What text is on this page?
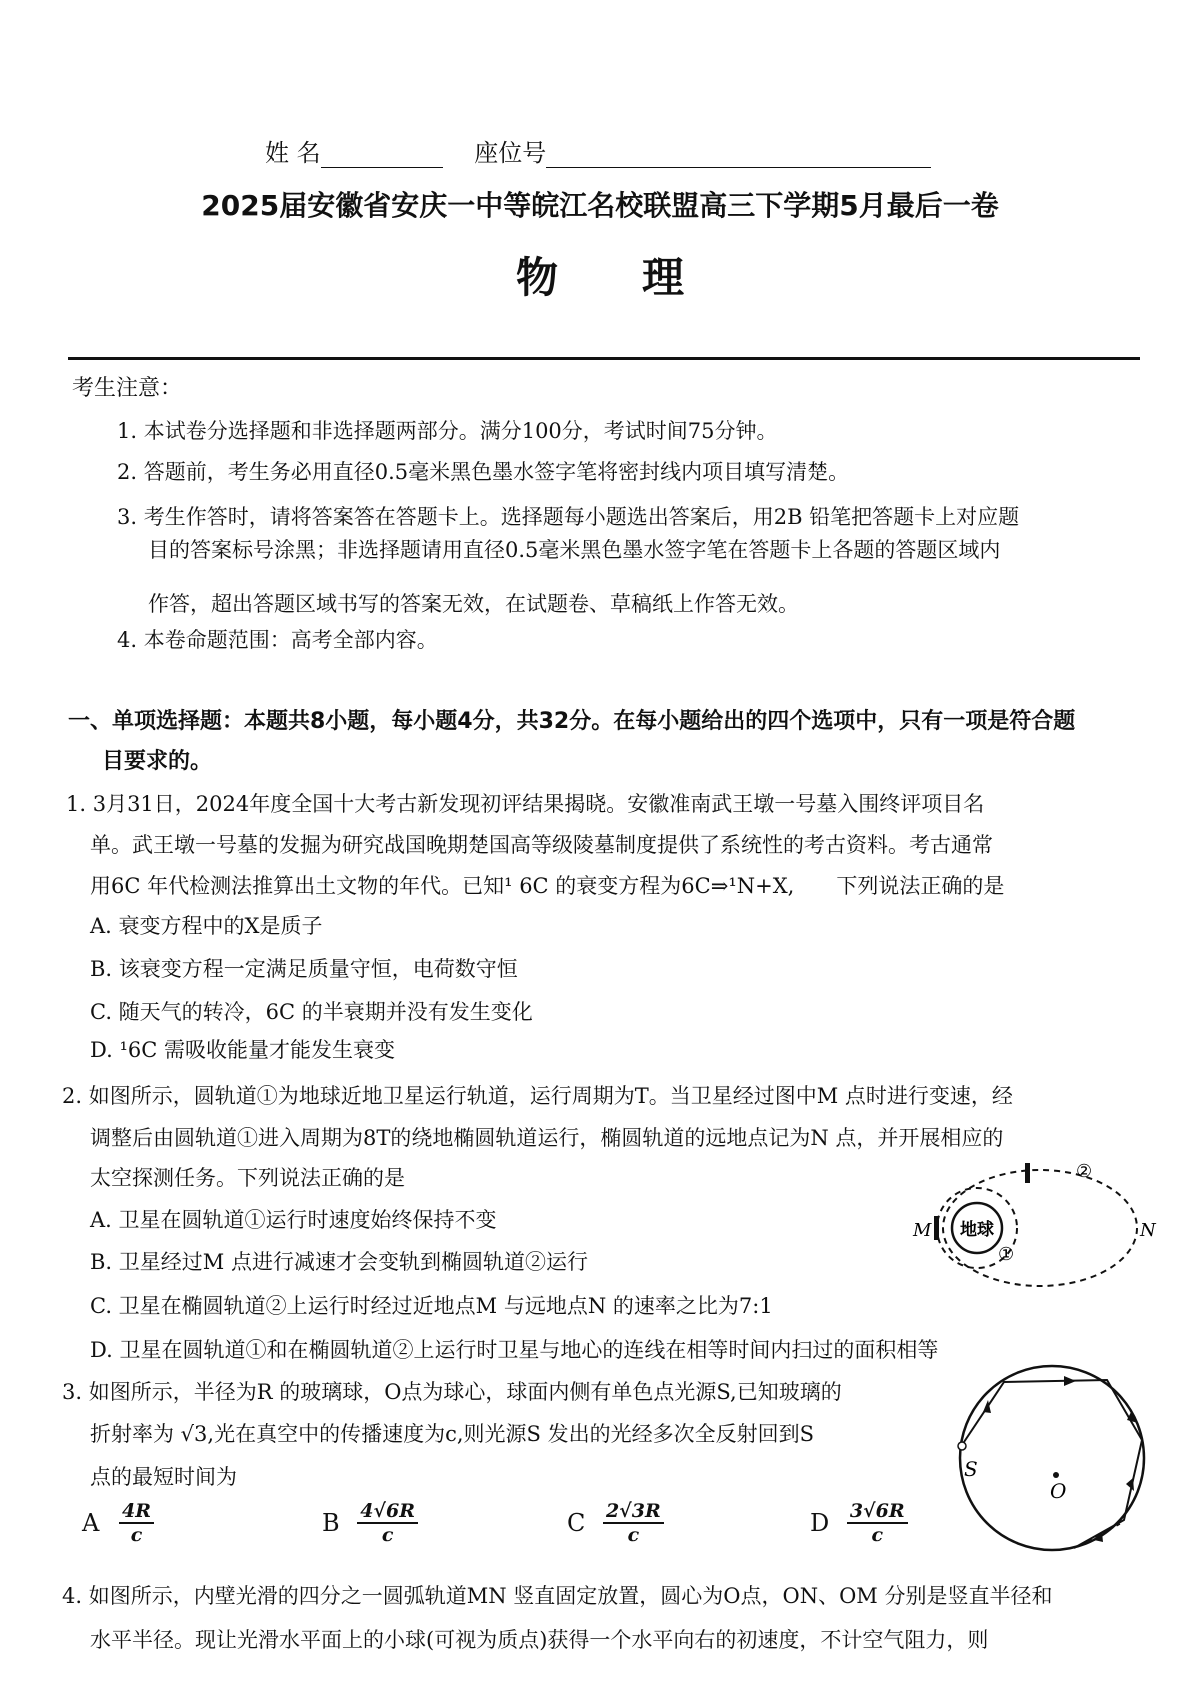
姓 名	座位号
2025届安徽省安庆一中等皖江名校联盟高三下学期5月最后一卷
物　　理
考生注意：
1. 本试卷分选择题和非选择题两部分。满分100分，考试时间75分钟。
2. 答题前，考生务必用直径0.5毫米黑色墨水签字笔将密封线内项目填写清楚。
3. 考生作答时，请将答案答在答题卡上。选择题每小题选出答案后，用2B 铅笔把答题卡上对应题
目的答案标号涂黑；非选择题请用直径0.5毫米黑色墨水签字笔在答题卡上各题的答题区域内
作答，超出答题区域书写的答案无效，在试题卷、草稿纸上作答无效。
4. 本卷命题范围：高考全部内容。
一、单项选择题：本题共8小题，每小题4分，共32分。在每小题给出的四个选项中，只有一项是符合题
目要求的。
1. 3月31日，2024年度全国十大考古新发现初评结果揭晓。安徽准南武王墩一号墓入围终评项目名
单。武王墩一号墓的发掘为研究战国晚期楚国高等级陵墓制度提供了系统性的考古资料。考古通常
用6C 年代检测法推算出土文物的年代。已知¹ 6C 的衰变方程为6C⇒¹N+X,　　下列说法正确的是
A. 衰变方程中的X是质子
B. 该衰变方程一定满足质量守恒，电荷数守恒
C. 随天气的转冷，6C 的半衰期并没有发生变化
D. ¹6C 需吸收能量才能发生衰变
2. 如图所示，圆轨道①为地球近地卫星运行轨道，运行周期为T。当卫星经过图中M 点时进行变速，经
调整后由圆轨道①进入周期为8T的绕地椭圆轨道运行，椭圆轨道的远地点记为N 点，并开展相应的
太空探测任务。下列说法正确的是
A. 卫星在圆轨道①运行时速度始终保持不变
B. 卫星经过M 点进行减速才会变轨到椭圆轨道②运行
C. 卫星在椭圆轨道②上运行时经过近地点M 与远地点N 的速率之比为7:1
D. 卫星在圆轨道①和在椭圆轨道②上运行时卫星与地心的连线在相等时间内扫过的面积相等
地球
M	N
①
②
3. 如图所示，半径为R 的玻璃球，O点为球心，球面内侧有单色点光源S,已知玻璃的
折射率为 √3,光在真空中的传播速度为c,则光源S 发出的光经多次全反射回到S
点的最短时间为
A $\frac{4R}{c}$	B $\frac{4√6R}{c}$	C $\frac{2√3R}{c}$	D $\frac{3√6R}{c}$
S
O
4. 如图所示，内壁光滑的四分之一圆弧轨道MN 竖直固定放置，圆心为O点，ON、OM 分别是竖直半径和
水平半径。现让光滑水平面上的小球(可视为质点)获得一个水平向右的初速度，不计空气阻力，则
